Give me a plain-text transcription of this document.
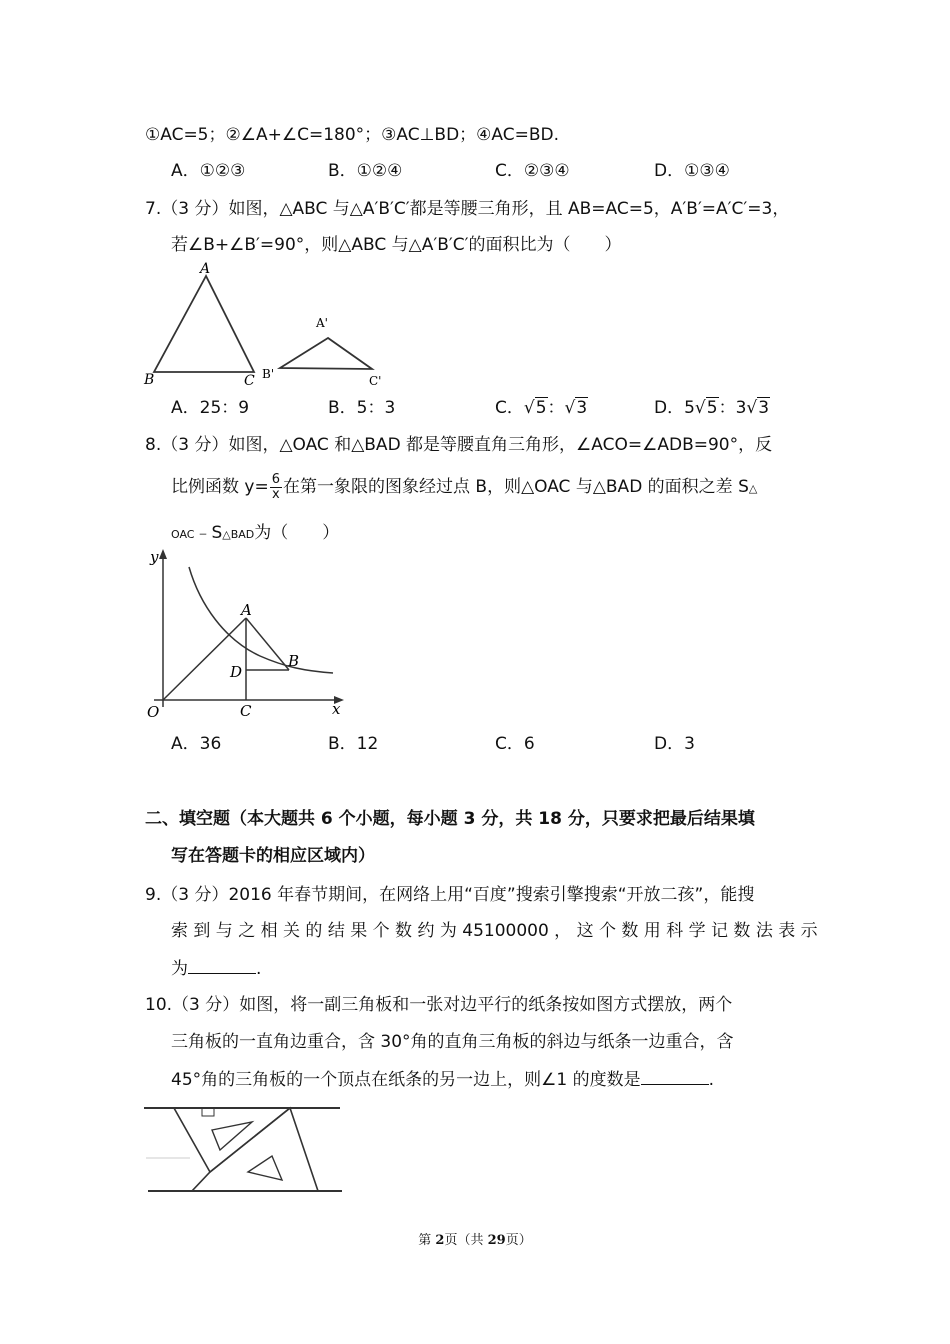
①AC=5；②∠A+∠C=180°；③AC⊥BD；④AC=BD.
A．①②③	B．①②④	C．②③④	D．①③④
7.（3 分）如图，△ABC 与△A′B′C′都是等腰三角形，且 AB=AC=5，A′B′=A′C′=3，
若∠B+∠B′=90°，则△ABC 与△A′B′C′的面积比为（　　）
A
B	C
A'
B'	C'
A．25：9	B．5：3	C．√5：√3	D．5√5：3√3
8.（3 分）如图，△OAC 和△BAD 都是等腰直角三角形，∠ACO=∠ADB=90°，反
比例函数 $y= \frac{6}{x}$ 在第一象限的图象经过点 B，则△OAC 与△BAD 的面积之差 S△
OAC﹣S△BAD为（　　）
y
x
O
A
B
C
D
A．36	B．12	C．6	D．3
二、填空题（本大题共 6 个小题，每小题 3 分，共 18 分，只要求把最后结果填
写在答题卡的相应区域内）
9.（3 分）2016 年春节期间，在网络上用“百度”搜索引擎搜索“开放二孩”，能搜
索 到 与 之 相 关 的 结 果 个 数 约 为 45100000 ， 这 个 数 用 科 学 记 数 法 表 示
为	.
10.（3 分）如图，将一副三角板和一张对边平行的纸条按如图方式摆放，两个
三角板的一直角边重合，含 30°角的直角三角板的斜边与纸条一边重合，含
45°角的三角板的一个顶点在纸条的另一边上，则∠1 的度数是	.
第 2页（共 29页）
